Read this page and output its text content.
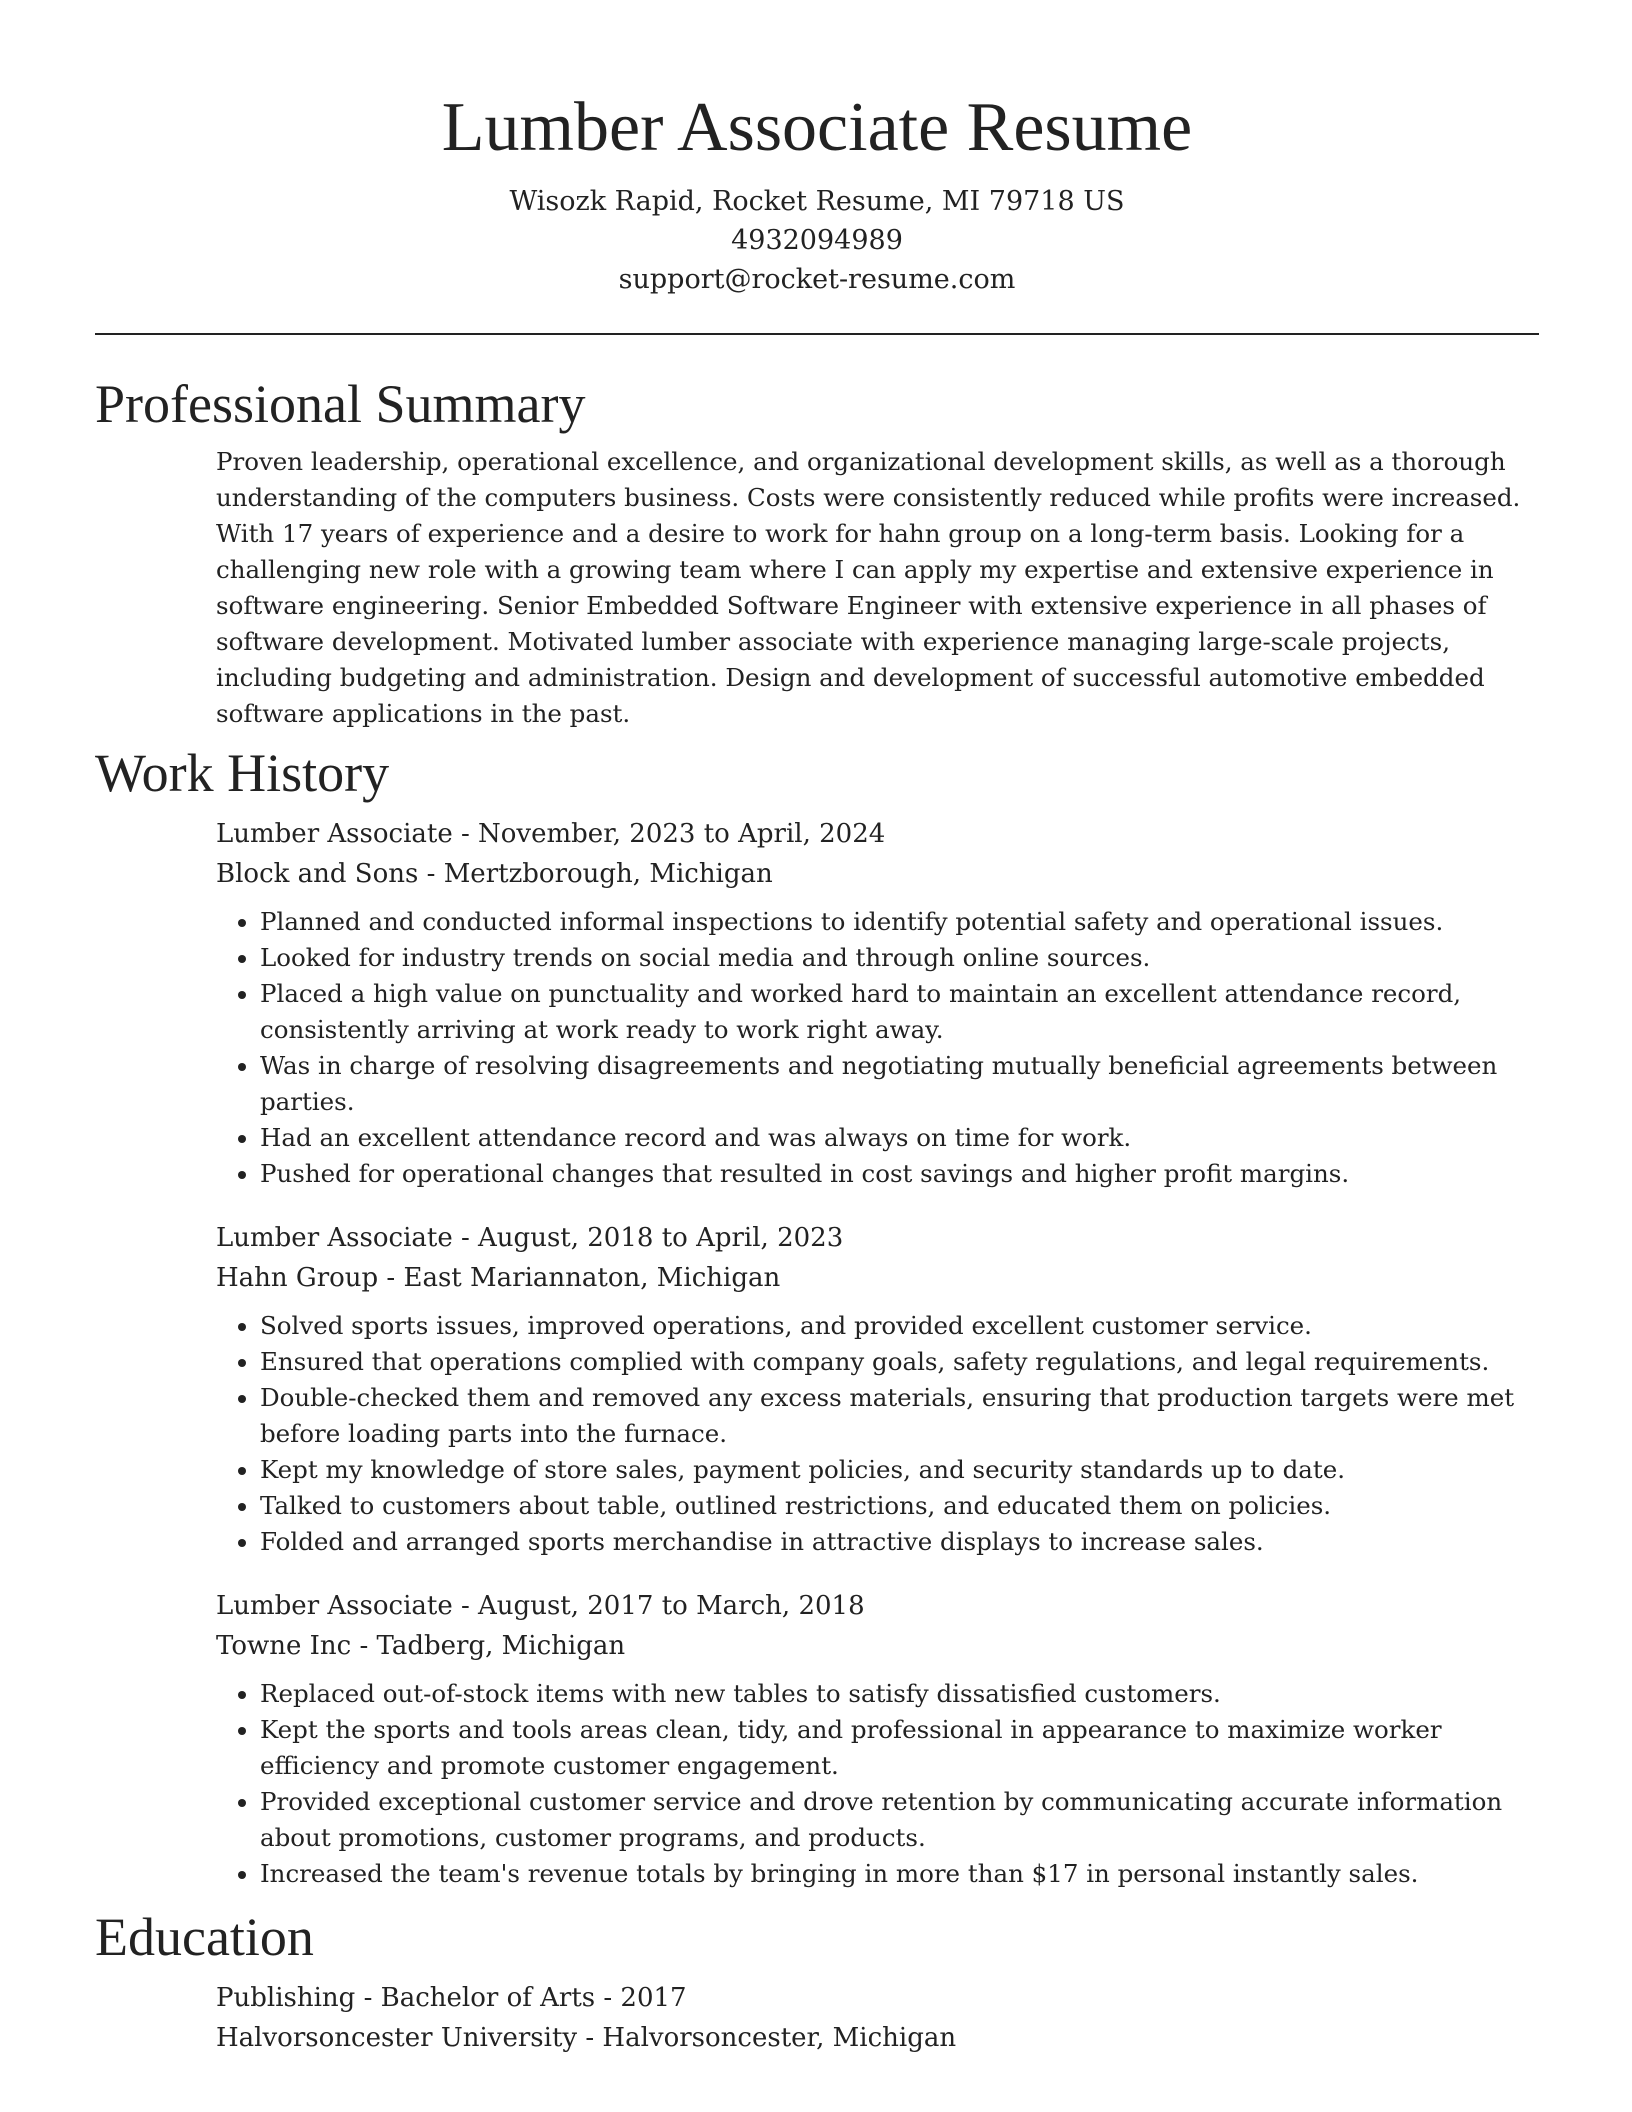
Lumber Associate Resume
Wisozk Rapid, Rocket Resume, MI 79718 US
4932094989
support@rocket-resume.com
Professional Summary
Proven leadership, operational excellence, and organizational development skills, as well as a thorough understanding of the computers business. Costs were consistently reduced while profits were increased. With 17 years of experience and a desire to work for hahn group on a long-term basis. Looking for a challenging new role with a growing team where I can apply my expertise and extensive experience in software engineering. Senior Embedded Software Engineer with extensive experience in all phases of software development. Motivated lumber associate with experience managing large-scale projects, including budgeting and administration. Design and development of successful automotive embedded software applications in the past.
Work History
Lumber Associate - November, 2023 to April, 2024
Block and Sons - Mertzborough, Michigan
• Planned and conducted informal inspections to identify potential safety and operational issues.
• Looked for industry trends on social media and through online sources.
• Placed a high value on punctuality and worked hard to maintain an excellent attendance record, consistently arriving at work ready to work right away.
• Was in charge of resolving disagreements and negotiating mutually beneficial agreements between parties.
• Had an excellent attendance record and was always on time for work.
• Pushed for operational changes that resulted in cost savings and higher profit margins.
Lumber Associate - August, 2018 to April, 2023
Hahn Group - East Mariannaton, Michigan
• Solved sports issues, improved operations, and provided excellent customer service.
• Ensured that operations complied with company goals, safety regulations, and legal requirements.
• Double-checked them and removed any excess materials, ensuring that production targets were met before loading parts into the furnace.
• Kept my knowledge of store sales, payment policies, and security standards up to date.
• Talked to customers about table, outlined restrictions, and educated them on policies.
• Folded and arranged sports merchandise in attractive displays to increase sales.
Lumber Associate - August, 2017 to March, 2018
Towne Inc - Tadberg, Michigan
• Replaced out-of-stock items with new tables to satisfy dissatisfied customers.
• Kept the sports and tools areas clean, tidy, and professional in appearance to maximize worker efficiency and promote customer engagement.
• Provided exceptional customer service and drove retention by communicating accurate information about promotions, customer programs, and products.
• Increased the team's revenue totals by bringing in more than $17 in personal instantly sales.
Education
Publishing - Bachelor of Arts - 2017
Halvorsoncester University - Halvorsoncester, Michigan
